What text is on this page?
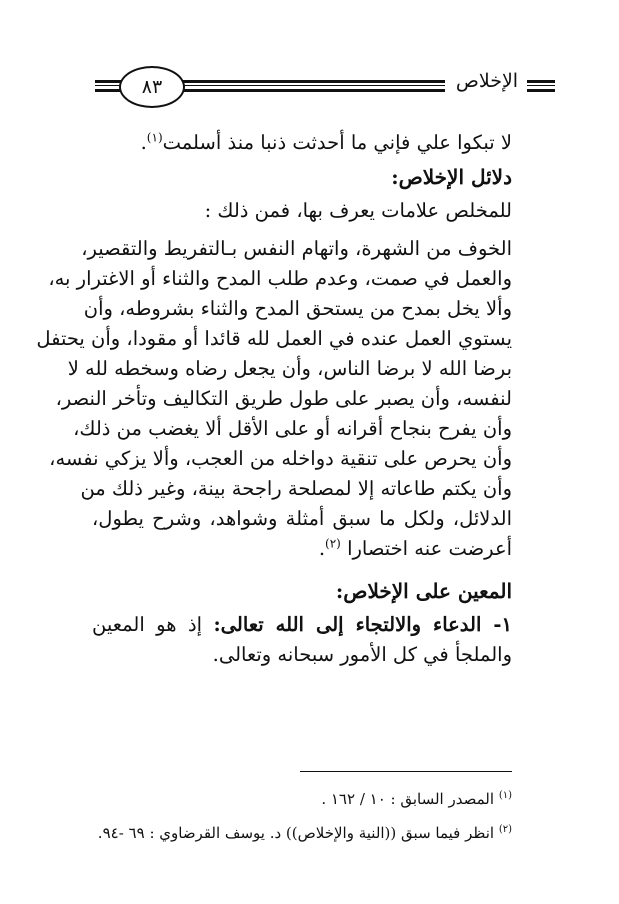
٨٣	الإخلاص
لا تبكوا علي فإني ما أحدثت ذنبا منذ أسلمت$^{(١)}$.
دلائل الإخلاص:
للمخلص علامات يعرف بها، فمن ذلك :
الخوف من الشهرة، واتهام النفس بـالتفريط والتقصير،
والعمل في صمت، وعدم طلب المدح والثناء أو الاغترار به،
وألا يخل بمدح من يستحق المدح والثناء بشروطه، وأن
يستوي العمل عنده في العمل لله قائدا أو مقودا، وأن يحتفل
برضا الله لا برضا الناس، وأن يجعل رضاه وسخطه لله لا
لنفسه، وأن يصبر على طول طريق التكاليف وتأخر النصر،
وأن يفرح بنجاح أقرانه أو على الأقل ألا يغضب من ذلك،
وأن يحرص على تنقية دواخله من العجب، وألا يزكي نفسه،
وأن يكتم طاعاته إلا لمصلحة راجحة بينة، وغير ذلك من
الدلائل، ولكل ما سبق أمثلة وشواهد، وشرح يطول،
أعرضت عنه اختصارا $^{(٢)}$.
المعين على الإخلاص:
١- الدعاء والالتجاء إلى الله تعالى: إذ هو المعين
والملجأ في كل الأمور سبحانه وتعالى.
$^{(١)}$ المصدر السابق : ١٠ / ١٦٢ .
$^{(٢)}$ انظر فيما سبق ((النية والإخلاص)) د. يوسف القرضاوي : ٦٩ -٩٤.
